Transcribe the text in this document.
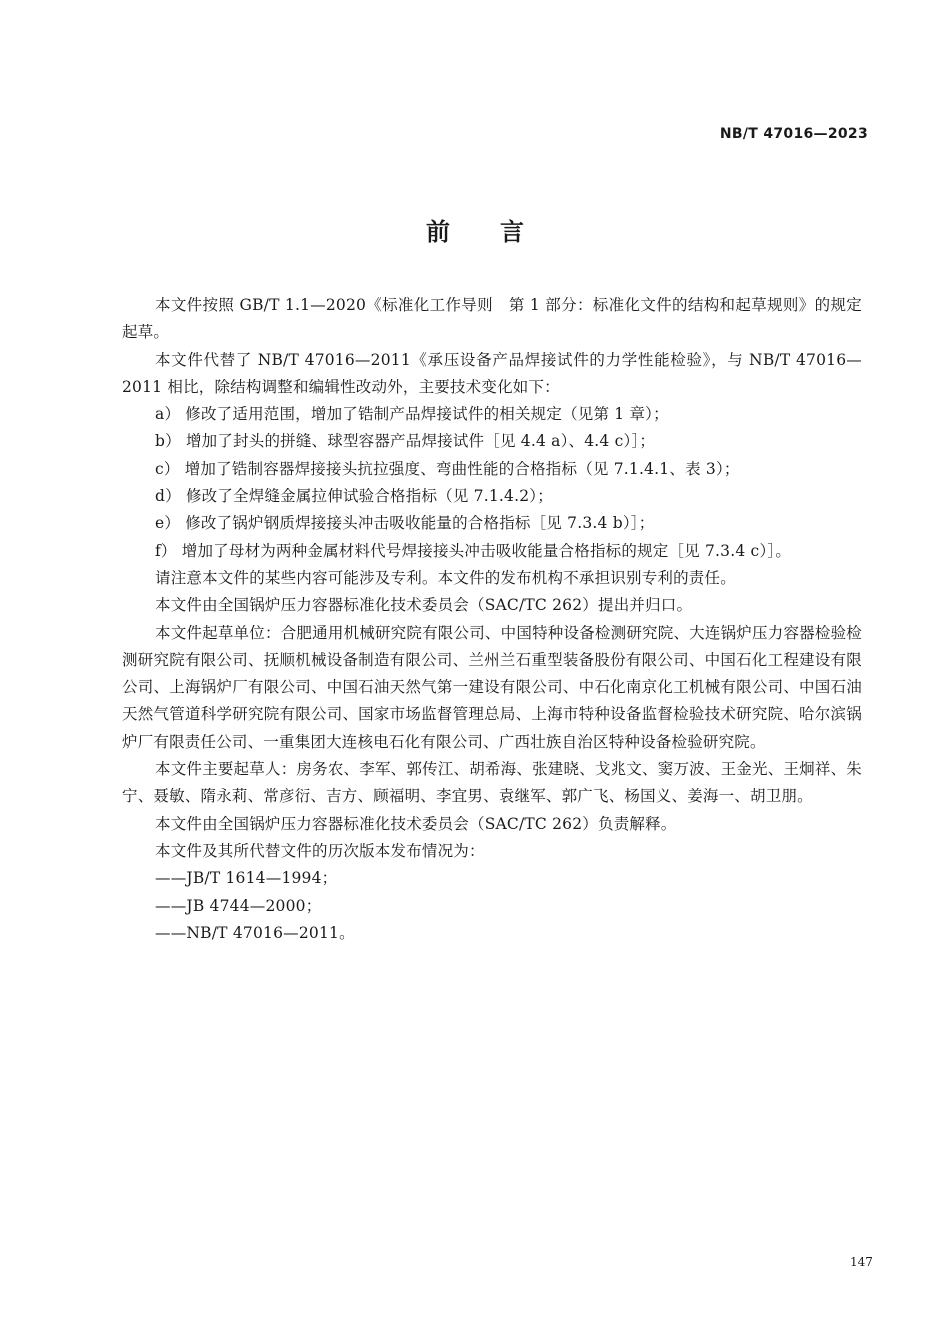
NB/T 47016—2023
前言

本文件按照 GB/T 1.1—2020《标准化工作导则　第 1 部分：标准化文件的结构和起草规则》的规定起草。

本文件代替了 NB/T 47016—2011《承压设备产品焊接试件的力学性能检验》，与 NB/T 47016—2011 相比，除结构调整和编辑性改动外，主要技术变化如下：

a） 修改了适用范围，增加了锆制产品焊接试件的相关规定（见第 1 章）；

b） 增加了封头的拼缝、球型容器产品焊接试件［见 4.4 a）、4.4 c）］；

c） 增加了锆制容器焊接接头抗拉强度、弯曲性能的合格指标（见 7.1.4.1、表 3）；

d） 修改了全焊缝金属拉伸试验合格指标（见 7.1.4.2）；

e） 修改了锅炉钢质焊接接头冲击吸收能量的合格指标［见 7.3.4 b）］；

f） 增加了母材为两种金属材料代号焊接接头冲击吸收能量合格指标的规定［见 7.3.4 c）］。

请注意本文件的某些内容可能涉及专利。本文件的发布机构不承担识别专利的责任。

本文件由全国锅炉压力容器标准化技术委员会（SAC/TC 262）提出并归口。

本文件起草单位：合肥通用机械研究院有限公司、中国特种设备检测研究院、大连锅炉压力容器检验检测研究院有限公司、抚顺机械设备制造有限公司、兰州兰石重型装备股份有限公司、中国石化工程建设有限公司、上海锅炉厂有限公司、中国石油天然气第一建设有限公司、中石化南京化工机械有限公司、中国石油天然气管道科学研究院有限公司、国家市场监督管理总局、上海市特种设备监督检验技术研究院、哈尔滨锅炉厂有限责任公司、一重集团大连核电石化有限公司、广西壮族自治区特种设备检验研究院。

本文件主要起草人：房务农、李军、郭传江、胡希海、张建晓、戈兆文、窦万波、王金光、王炯祥、朱宁、聂敏、隋永莉、常彦衍、吉方、顾福明、李宜男、袁继军、郭广飞、杨国义、姜海一、胡卫朋。

本文件由全国锅炉压力容器标准化技术委员会（SAC/TC 262）负责解释。

本文件及其所代替文件的历次版本发布情况为：

——JB/T 1614—1994；

——JB 4744—2000；

——NB/T 47016—2011。

147
